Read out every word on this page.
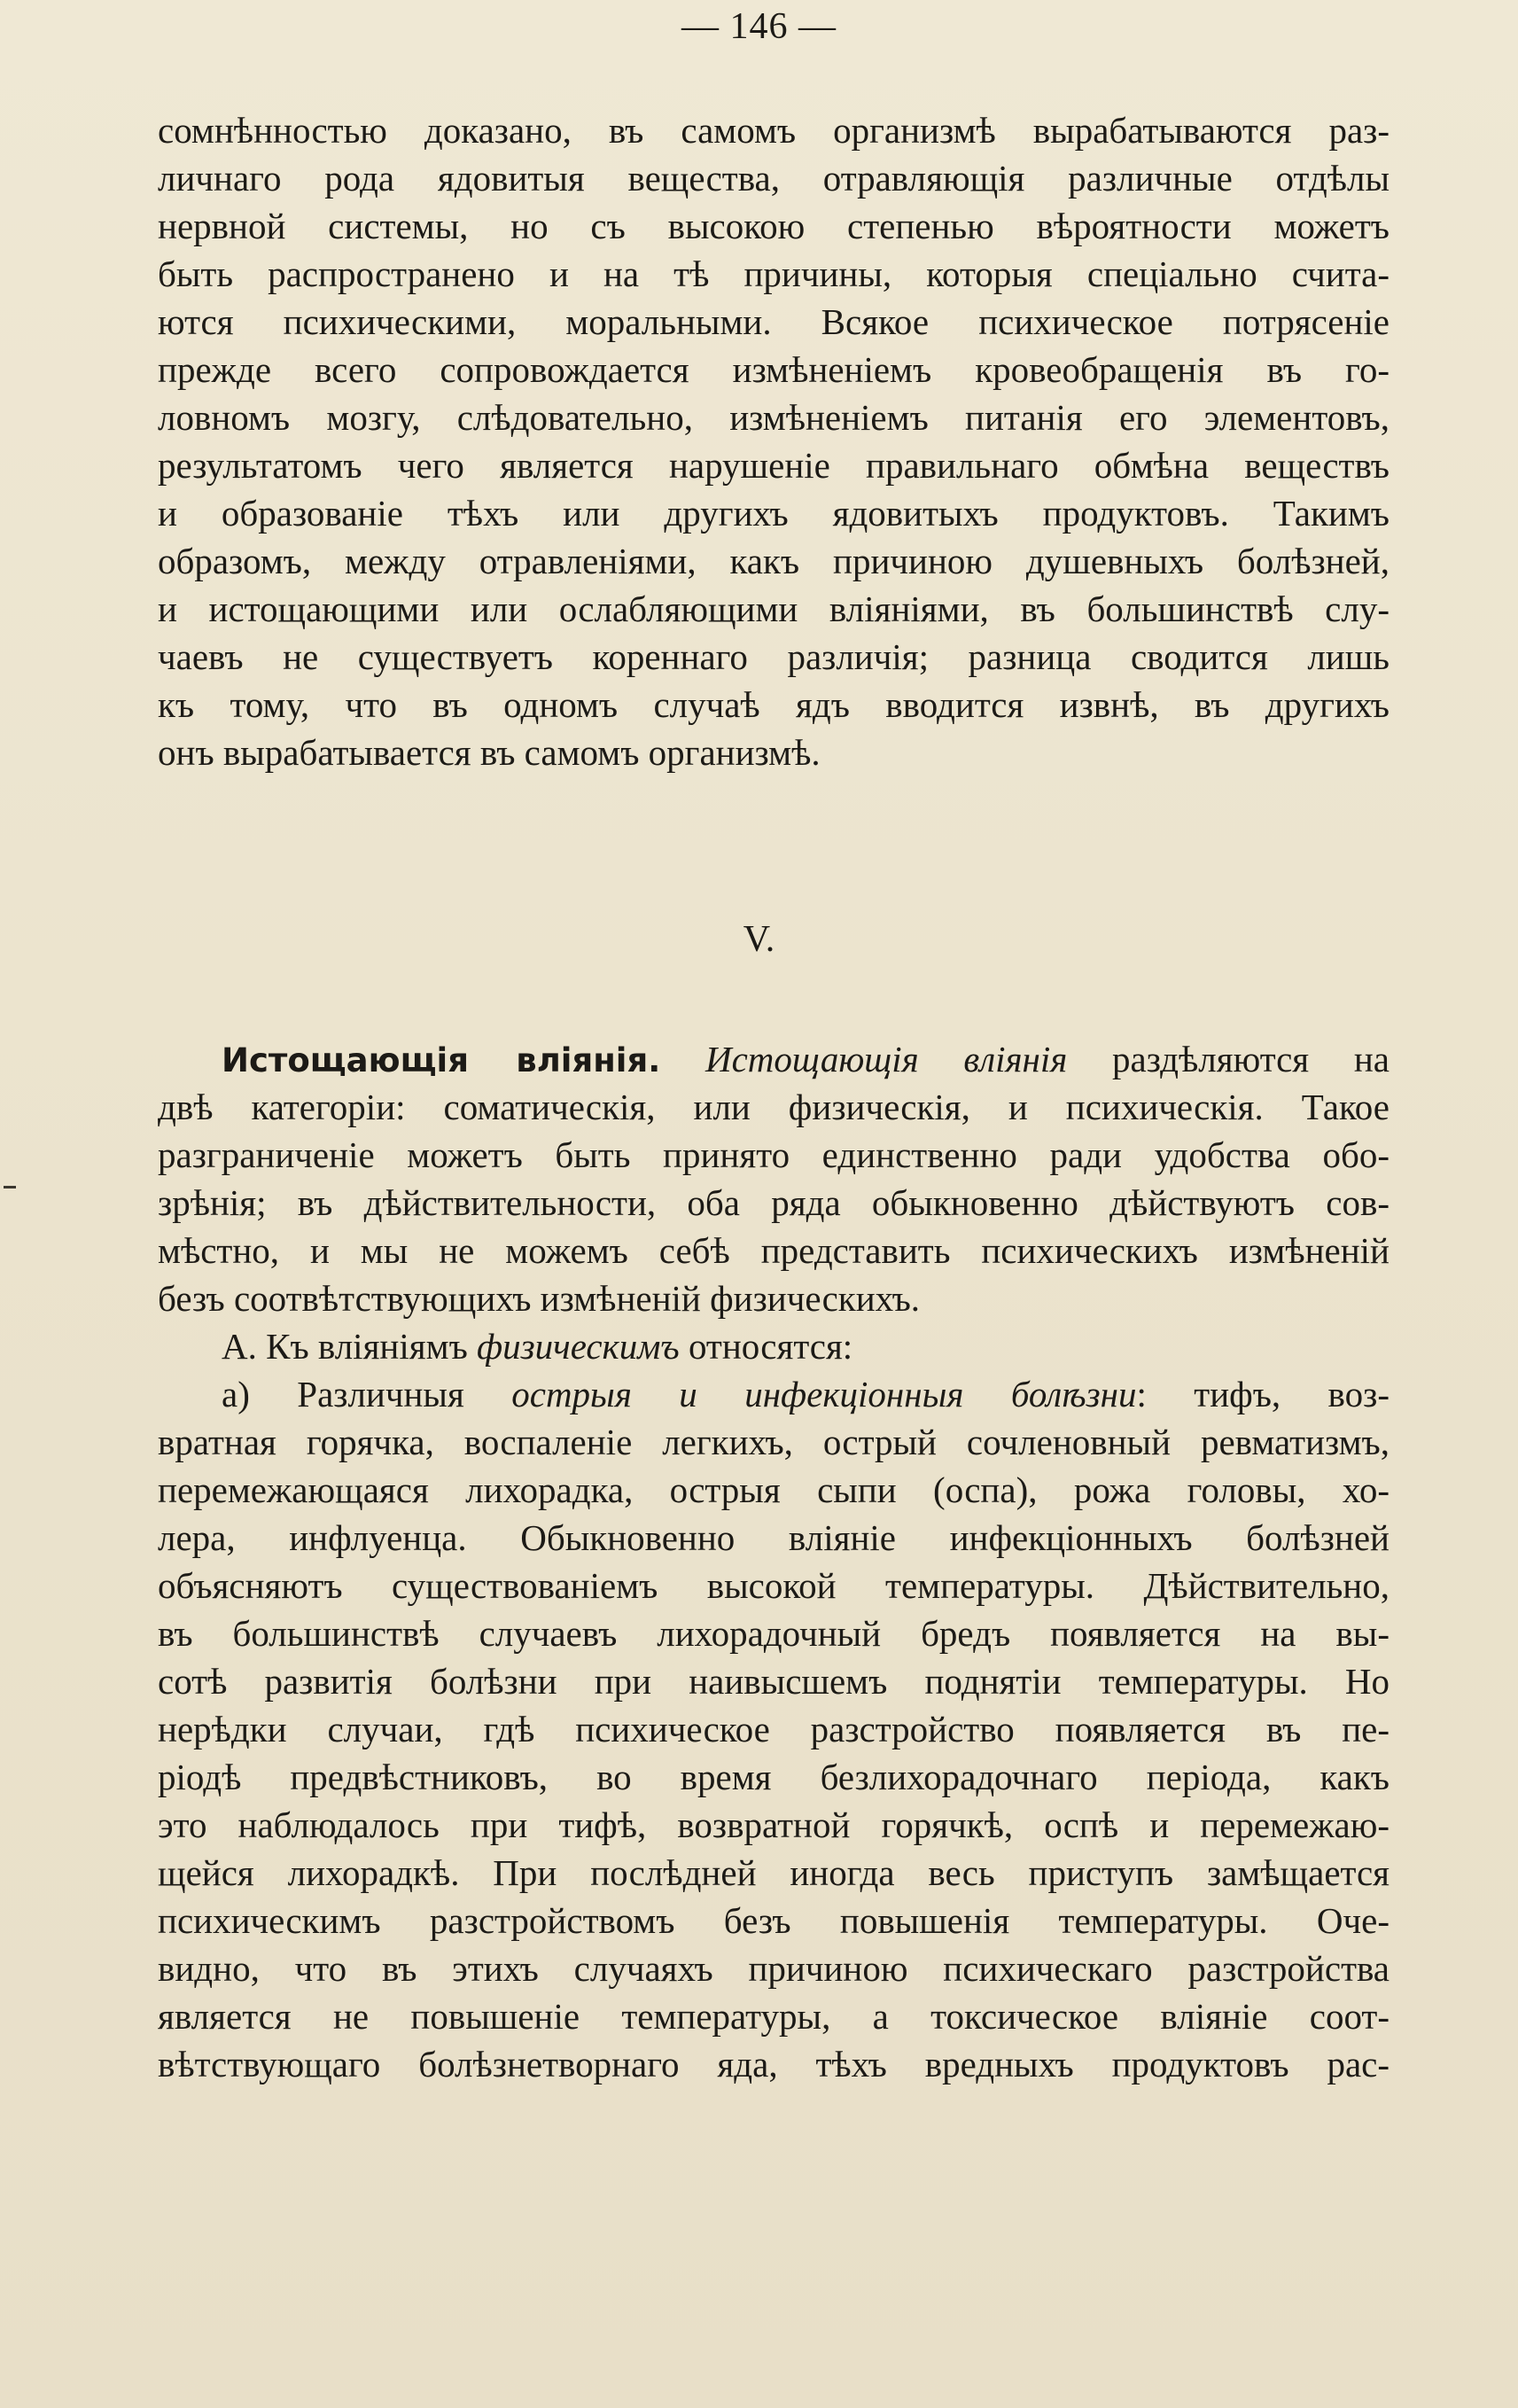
— 146 —
сомнѣнностью доказано, въ самомъ организмѣ вырабатываются раз-
личнаго рода ядовитыя вещества, отравляющія различные отдѣлы
нервной системы, но съ высокою степенью вѣроятности можетъ
быть распространено и на тѣ причины, которыя спеціально счита-
ются психическими, моральными. Всякое психическое потрясеніе
прежде всего сопровождается измѣненіемъ кровеобращенія въ го-
ловномъ мозгу, слѣдовательно, измѣненіемъ питанія его элементовъ,
результатомъ чего является нарушеніе правильнаго обмѣна веществъ
и образованіе тѣхъ или другихъ ядовитыхъ продуктовъ. Такимъ
образомъ, между отравленіями, какъ причиною душевныхъ болѣзней,
и истощающими или ослабляющими вліяніями, въ большинствѣ слу-
чаевъ не существуетъ кореннаго различія; разница сводится лишь
къ тому, что въ одномъ случаѣ ядъ вводится извнѣ, въ другихъ
онъ вырабатывается въ самомъ организмѣ.
V.
Истощающія вліянія. Истощающія вліянія раздѣляются на
двѣ категоріи: соматическія, или физическія, и психическія. Такое
разграниченіе можетъ быть принято единственно ради удобства обо-
зрѣнія; въ дѣйствительности, оба ряда обыкновенно дѣйствуютъ сов-
мѣстно, и мы не можемъ себѣ представить психическихъ измѣненій
безъ соотвѣтствующихъ измѣненій физическихъ.
А. Къ вліяніямъ физическимъ относятся:
а) Различныя острыя и инфекціонныя болѣзни: тифъ, воз-
вратная горячка, воспаленіе легкихъ, острый сочленовный ревматизмъ,
перемежающаяся лихорадка, острыя сыпи (оспа), рожа головы, хо-
лера, инфлуенца. Обыкновенно вліяніе инфекціонныхъ болѣзней
объясняютъ существованіемъ высокой температуры. Дѣйствительно,
въ большинствѣ случаевъ лихорадочный бредъ появляется на вы-
сотѣ развитія болѣзни при наивысшемъ поднятіи температуры. Но
нерѣдки случаи, гдѣ психическое разстройство появляется въ пе-
ріодѣ предвѣстниковъ, во время безлихорадочнаго періода, какъ
это наблюдалось при тифѣ, возвратной горячкѣ, оспѣ и перемежаю-
щейся лихорадкѣ. При послѣдней иногда весь приступъ замѣщается
психическимъ разстройствомъ безъ повышенія температуры. Оче-
видно, что въ этихъ случаяхъ причиною психическаго разстройства
является не повышеніе температуры, а токсическое вліяніе соот-
вѣтствующаго болѣзнетворнаго яда, тѣхъ вредныхъ продуктовъ рас-
